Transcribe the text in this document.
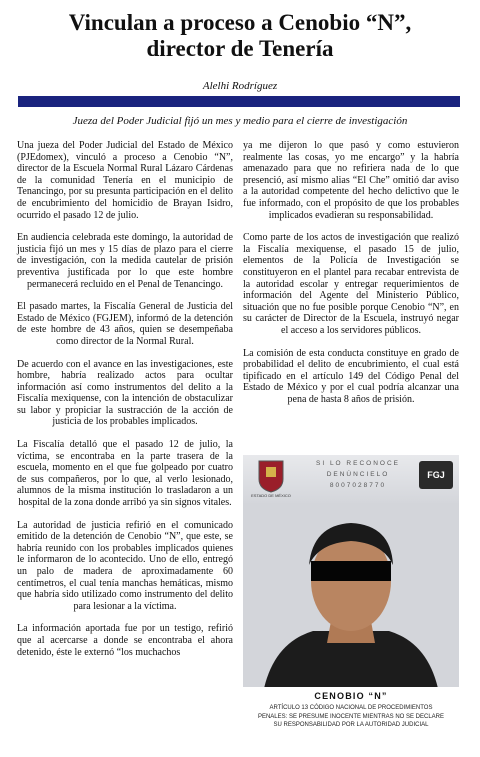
Vinculan a proceso a Cenobio “N”,
director de Tenería
Alelhi Rodríguez
Jueza del Poder Judicial fijó un mes y medio para el cierre de investigación

Una jueza del Poder Judicial del Estado de México (PJEdomex), vinculó a proceso a Cenobio “N”, director de la Escuela Normal Rural Lázaro Cárdenas de la comunidad Tenería en el municipio de Tenancingo, por su presunta participación en el delito de encubrimiento del homicidio de Brayan Isidro, ocurrido el pasado 12 de julio.

En audiencia celebrada este domingo, la autoridad de justicia fijó un mes y 15 días de plazo para el cierre de investigación, con la medida cautelar de prisión preventiva justificada por lo que este hombre permanecerá recluido en el Penal de Tenancingo.

El pasado martes, la Fiscalía General de Justicia del Estado de México (FGJEM), informó de la detención de este hombre de 43 años, quien se desempeñaba como director de la Normal Rural.

De acuerdo con el avance en las investigaciones, este hombre, habría realizado actos para ocultar información así como instrumentos del delito a la Fiscalía mexiquense, con la intención de obstaculizar su labor y propiciar la sustracción de la acción de justicia de los probables implicados.

La Fiscalía detalló que el pasado 12 de julio, la víctima, se encontraba en la parte trasera de la escuela, momento en el que fue golpeado por cuatro de sus compañeros, por lo que, al verlo lesionado, alumnos de la misma institución lo trasladaron a un hospital de la zona donde arribó ya sin signos vitales.

La autoridad de justicia refirió en el comunicado emitido de la detención de Cenobio “N”, que este, se habría reunido con los probables implicados quienes le informaron de lo acontecido. Uno de ello, entregó un palo de madera de aproximadamente 60 centímetros, el cual tenía manchas hemáticas, mismo que habría sido utilizado como instrumento del delito para lesionar a la víctima.

La información aportada fue por un testigo, refirió que al acercarse a donde se encontraba el ahora detenido, éste le externó “los muchachos

ya me dijeron lo que pasó y como estuvieron realmente las cosas, yo me encargo” y la habría amenazado para que no refiriera nada de lo que presenció, así mismo alias “El Che” omitió dar aviso a la autoridad competente del hecho delictivo que le fue informado, con el propósito de que los probables implicados evadieran su responsabilidad.

Como parte de los actos de investigación que realizó la Fiscalía mexiquense, el pasado 15 de julio, elementos de la Policía de Investigación se constituyeron en el plantel para recabar entrevista de la autoridad escolar y entregar requerimientos de información del Agente del Ministerio Público, situación que no fue posible porque Cenobio “N”, en su carácter de Director de la Escuela, instruyó negar el acceso a los servidores públicos.

La comisión de esta conducta constituye en grado de probabilidad el delito de encubrimiento, el cual está tipificado en el artículo 149 del Código Penal del Estado de México y por el cual podría alcanzar una pena de hasta 8 años de prisión.

ESTADO DE MÉXICO
SI LO RECONOCE
DENÚNCIELO
8007028770
FGJ
CENOBIO “N”
ARTÍCULO 13 CÓDIGO NACIONAL DE PROCEDIMIENTOS PENALES: SE PRESUME INOCENTE MIENTRAS NO SE DECLARE SU RESPONSABILIDAD POR LA AUTORIDAD JUDICIAL
